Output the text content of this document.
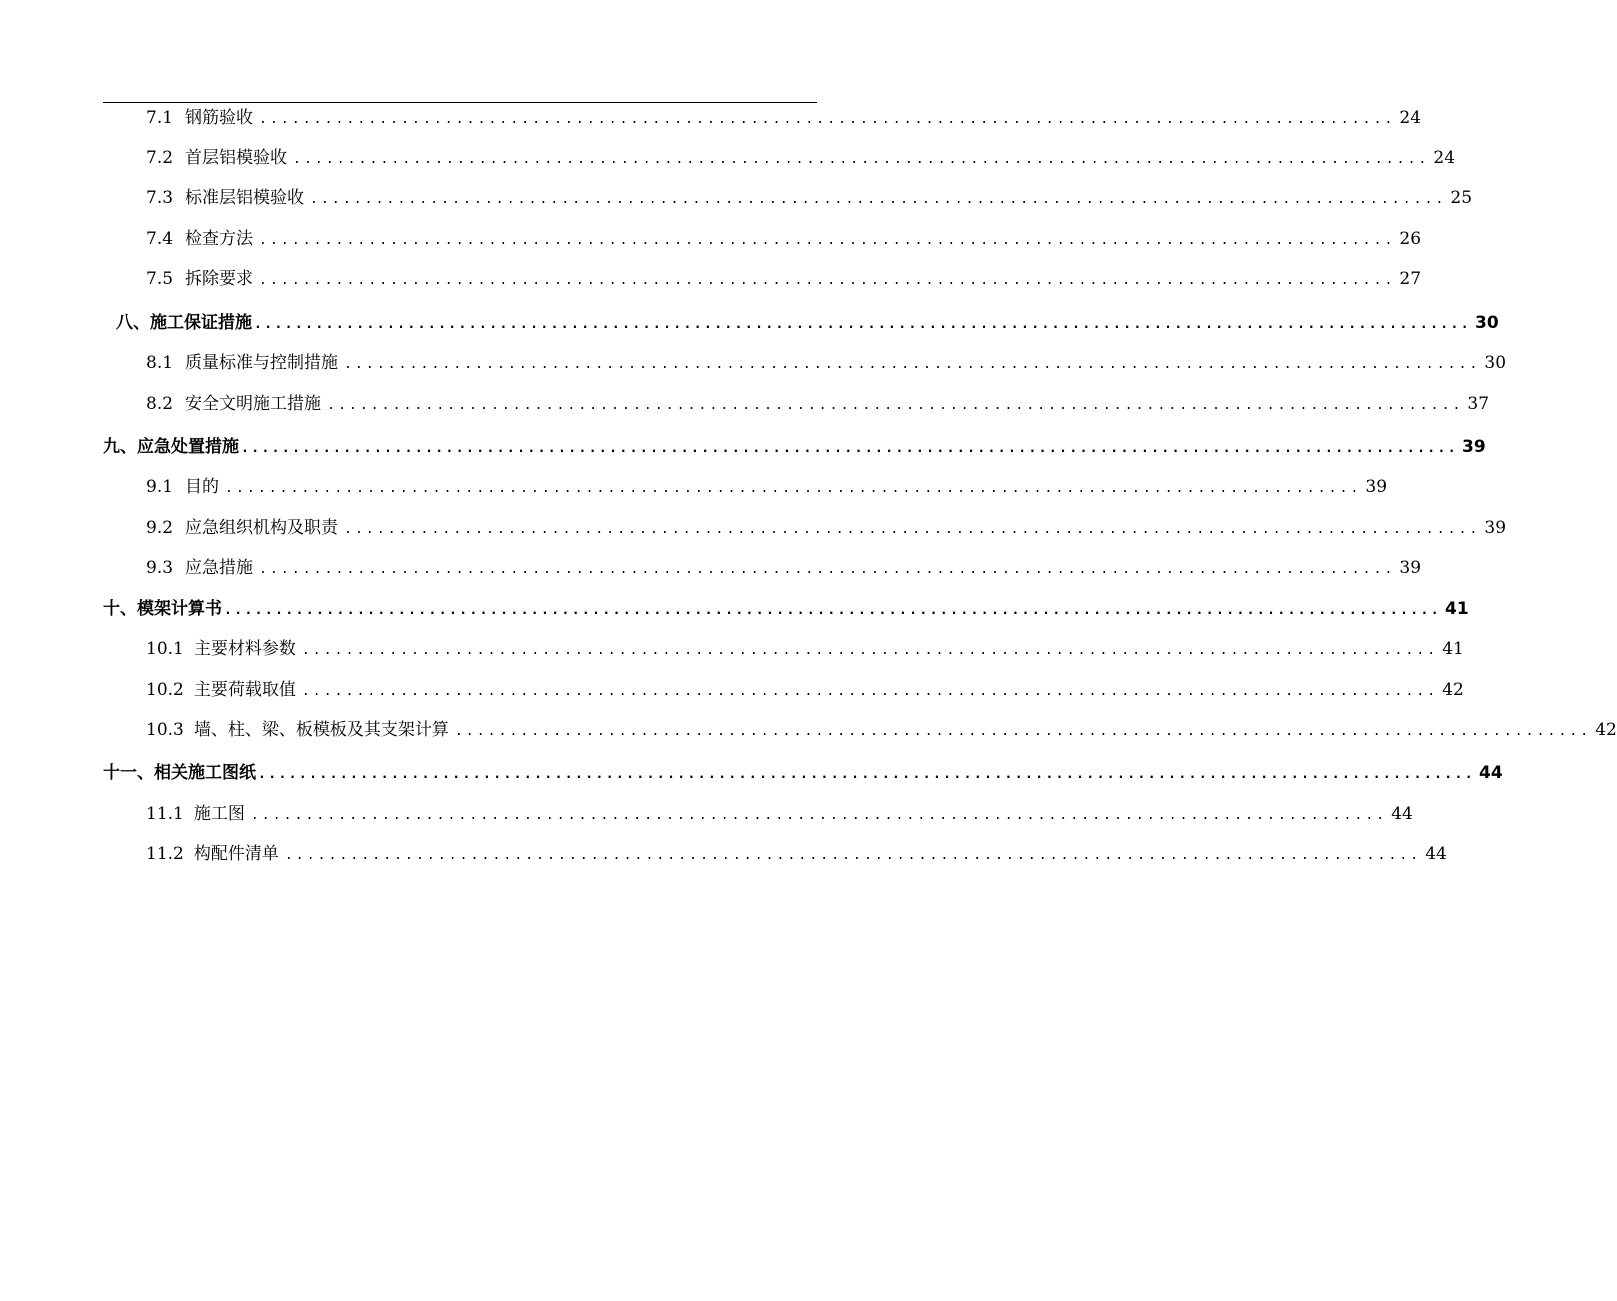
7.1 钢筋验收 ........................................................................................................ 24
7.2 首层铝模验收 ........................................................................................................ 24
7.3 标准层铝模验收 ........................................................................................................ 25
7.4 检查方法 ........................................................................................................ 26
7.5 拆除要求 ........................................................................................................ 27
八、施工保证措施 ....................................................................................................................... 30
8.1 质量标准与控制措施 ........................................................................................................ 30
8.2 安全文明施工措施 ........................................................................................................ 37
九、应急处置措施 ....................................................................................................................... 39
9.1 目的 ........................................................................................................ 39
9.2 应急组织机构及职责 ........................................................................................................ 39
9.3 应急措施 ........................................................................................................ 39
十、模架计算书 ....................................................................................................................... 41
10.1 主要材料参数 ........................................................................................................ 41
10.2 主要荷载取值 ........................................................................................................ 42
10.3 墙、柱、梁、板模板及其支架计算 ........................................................................................................ 42
十一、相关施工图纸 ....................................................................................................................... 44
11.1 施工图 ........................................................................................................ 44
11.2 构配件清单 ........................................................................................................ 44
